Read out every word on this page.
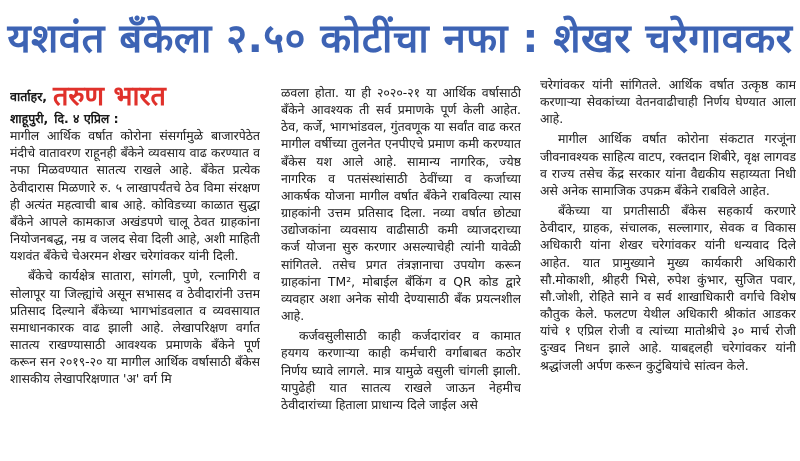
यशवंत बँकेला २.५० कोटींचा नफा : शेखर चरेगावकर
वार्ताहर, तरुण भारत
शाहूपुरी, दि. ४ एप्रिल :

मागील आर्थिक वर्षात कोरोना संसर्गामुळे बाजारपेठेत मंदीचे वातावरण राहूनही बँकेने व्यवसाय वाढ करण्यात व नफा मिळवण्यात सातत्य राखले आहे. बँकेत प्रत्येक ठेवीदारास मिळणारे रु. ५ लाखापर्यंतचे ठेव विमा संरक्षण ही अत्यंत महत्वाची बाब आहे. कोविडच्या काळात सुद्धा बँकेने आपले कामकाज अखंडपणे चालू ठेवत ग्राहकांना नियोजनबद्ध, नम्र व जलद सेवा दिली आहे, अशी माहिती यशवंत बँकेचे चेअरमन शेखर चरेगांवकर यांनी दिली.

बँकेचे कार्यक्षेत्र सातारा, सांगली, पुणे, रत्नागिरी व सोलापूर या जिल्ह्यांचे असून सभासद व ठेवीदारांनी उत्तम प्रतिसाद दिल्याने बँकेच्या भागभांडवलात व व्यवसायात समाधानकारक वाढ झाली आहे. लेखापरिक्षण वर्गात सातत्य राखण्यासाठी आवश्यक प्रमाणके बँकेने पूर्ण करून सन २०१९-२० या मागील आर्थिक वर्षासाठी बँकेस शासकीय लेखापरिक्षणात 'अ' वर्ग मि

ळवला होता. या ही २०२०-२१ या आर्थिक वर्षासाठी बँकेने आवश्यक ती सर्व प्रमाणके पूर्ण केली आहेत. ठेव, कर्जे, भागभांडवल, गुंतवणूक या सर्वांत वाढ करत मागील वर्षीच्या तुलनेत एनपीएचे प्रमाण कमी करण्यात बँकेस यश आले आहे. सामान्य नागरिक, ज्येष्ठ नागरिक व पतसंस्थांसाठी ठेवींच्या व कर्जाच्या आकर्षक योजना मागील वर्षात बँकेने राबविल्या त्यास ग्राहकांनी उत्तम प्रतिसाद दिला. नव्या वर्षात छोट्या उद्योजकांना व्यवसाय वाढीसाठी कमी व्याजदराच्या कर्ज योजना सुरु करणार असल्याचेही त्यांनी यावेळी सांगितले. तसेच प्रगत तंत्रज्ञानाचा उपयोग करून ग्राहकांना TM², मोबाईल बँकिंग व QR कोड द्वारे व्यवहार अशा अनेक सोयी देण्यासाठी बँक प्रयत्नशील आहे.

कर्जवसुलीसाठी काही कर्जदारांवर व कामात हयगय करणाऱ्या काही कर्मचारी वर्गाबाबत कठोर निर्णय घ्यावे लागले. मात्र यामुळे वसुली चांगली झाली. यापुढेही यात सातत्य राखले जाऊन नेहमीच ठेवीदारांच्या हिताला प्राधान्य दिले जाईल असे

चरेगांवकर यांनी सांगितले. आर्थिक वर्षात उत्कृष्ठ काम करणाऱ्या सेवकांच्या वेतनवाढीचाही निर्णय घेण्यात आला आहे.

मागील आर्थिक वर्षात कोरोना संकटात गरजूंना जीवनावश्यक साहित्य वाटप, रक्तदान शिबीरे, वृक्ष लागवड व राज्य तसेच केंद्र सरकार यांना वैद्यकीय सहाय्यता निधी असे अनेक सामाजिक उपक्रम बँकेने राबविले आहेत.

बँकेच्या या प्रगतीसाठी बँकेस सहकार्य करणारे ठेवीदार, ग्राहक, संचालक, सल्लागार, सेवक व विकास अधिकारी यांना शेखर चरेगांवकर यांनी धन्यवाद दिले आहेत. यात प्रामुख्याने मुख्य कार्यकारी अधिकारी सौ.मोकाशी, श्रीहरी भिसे, रुपेश कुंभार, सुजित पवार, सौ.जोशी, रोहिते साने व सर्व शाखाधिकारी वर्गाचे विशेष कौतुक केले. फलटण येथील अधिकारी श्रीकांत आडकर यांचे १ एप्रिल रोजी व त्यांच्या मातोश्रीचे ३० मार्च रोजी दुःखद निधन झाले आहे. याबद्दलही चरेगांवकर यांनी श्रद्धांजली अर्पण करून कुटुंबियांचे सांत्वन केले.
